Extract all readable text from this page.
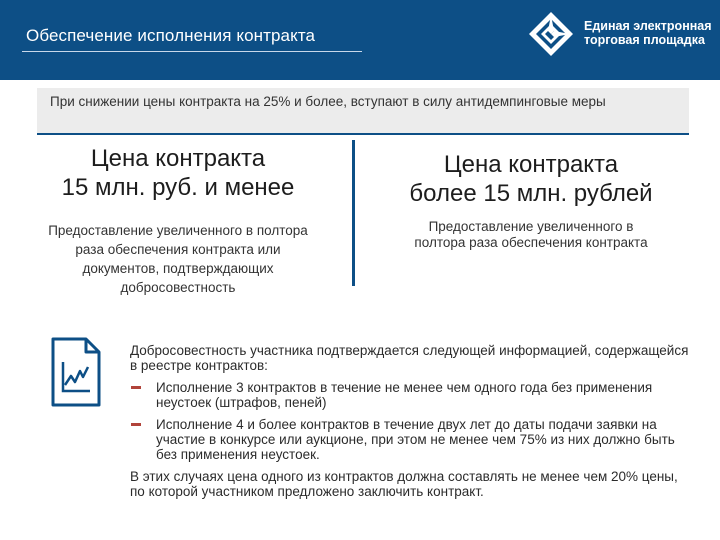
Обеспечение исполнения контракта	Единая электронная
торговая площадка
При снижении цены контракта на 25% и более, вступают в силу антидемпинговые меры
Цена контракта
15 млн. руб. и менее
Предоставление увеличенного в полтора раза обеспечения контракта или документов, подтверждающих добросовестность
Цена контракта
более 15 млн. рублей
Предоставление увеличенного в полтора раза обеспечения контракта
Добросовестность участника подтверждается следующей информацией, содержащейся в реестре контрактов:
Исполнение 3 контрактов в течение не менее чем одного года без применения неустоек (штрафов, пеней)
Исполнение 4 и более контрактов в течение двух лет до даты подачи заявки на участие в конкурсе или аукционе, при этом не менее чем 75% из них должно быть без применения неустоек.
В этих случаях цена одного из контрактов должна составлять не менее чем 20% цены, по которой участником предложено заключить контракт.
